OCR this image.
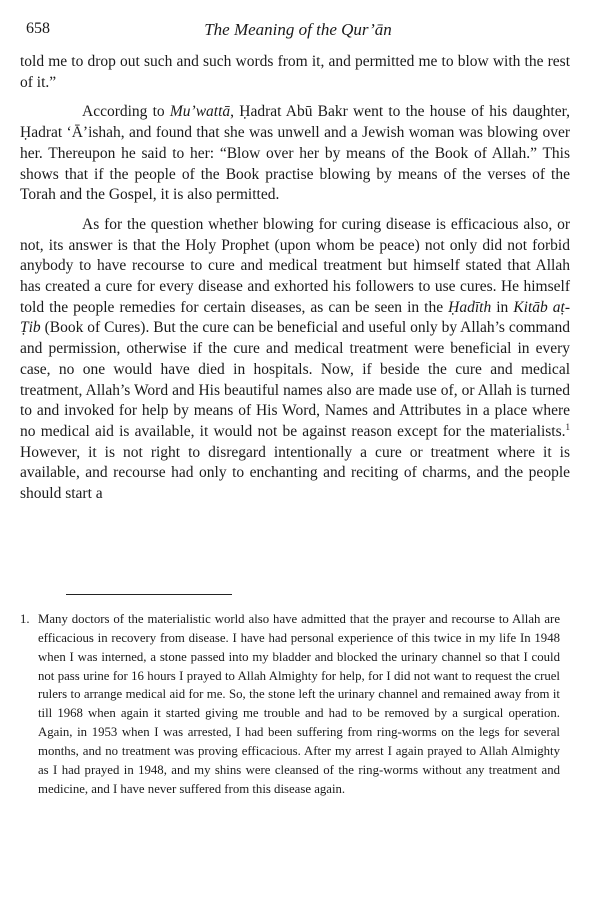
658	The Meaning of the Qur’ān

told me to drop out such and such words from it, and permitted me to blow with the rest of it.”

According to Mu’wattā, Ḥadrat Abū Bakr went to the house of his daughter, Ḥadrat ‘Ā’ishah, and found that she was unwell and a Jewish woman was blowing over her. Thereupon he said to her: “Blow over her by means of the Book of Allah.” This shows that if the people of the Book practise blowing by means of the verses of the Torah and the Gospel, it is also permitted.

As for the question whether blowing for curing disease is efficacious also, or not, its answer is that the Holy Prophet (upon whom be peace) not only did not forbid anybody to have recourse to cure and medical treatment but himself stated that Allah has created a cure for every disease and exhorted his followers to use cures. He himself told the people remedies for certain diseases, as can be seen in the Ḥadīth in Kitāb aṭ-Ṭib (Book of Cures). But the cure can be beneficial and useful only by Allah’s command and permission, otherwise if the cure and medical treatment were beneficial in every case, no one would have died in hospitals. Now, if beside the cure and medical treatment, Allah’s Word and His beautiful names also are made use of, or Allah is turned to and invoked for help by means of His Word, Names and Attributes in a place where no medical aid is available, it would not be against reason except for the materialists.$^1$ However, it is not right to disregard intentionally a cure or treatment where it is available, and recourse had only to enchanting and reciting of charms, and the people should start a

1. Many doctors of the materialistic world also have admitted that the prayer and recourse to Allah are efficacious in recovery from disease. I have had personal experience of this twice in my life In 1948 when I was interned, a stone passed into my bladder and blocked the urinary channel so that I could not pass urine for 16 hours I prayed to Allah Almighty for help, for I did not want to request the cruel rulers to arrange medical aid for me. So, the stone left the urinary channel and remained away from it till 1968 when again it started giving me trouble and had to be removed by a surgical operation. Again, in 1953 when I was arrested, I had been suffering from ring-worms on the legs for several months, and no treatment was proving efficacious. After my arrest I again prayed to Allah Almighty as I had prayed in 1948, and my shins were cleansed of the ring-worms without any treatment and medicine, and I have never suffered from this disease again.
